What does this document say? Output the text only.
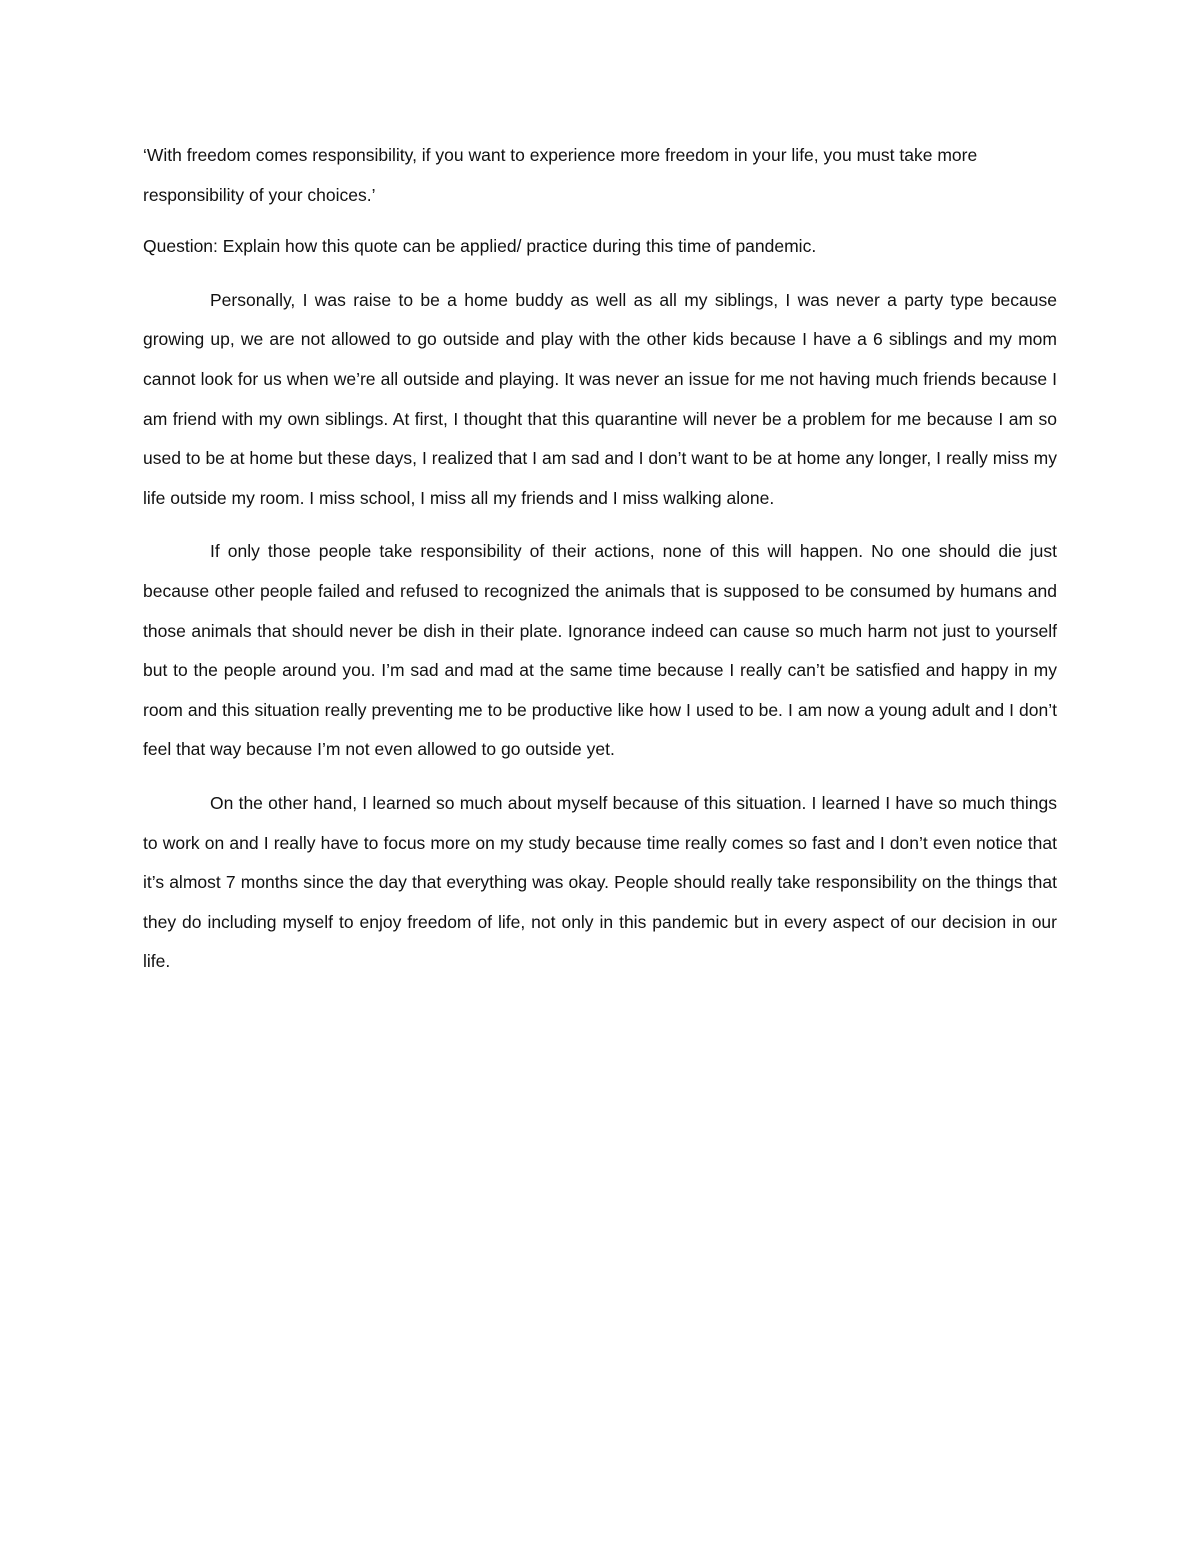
‘With freedom comes responsibility, if you want to experience more freedom in your life, you must take more responsibility of your choices.’

Question: Explain how this quote can be applied/ practice during this time of pandemic.

Personally, I was raise to be a home buddy as well as all my siblings, I was never a party type because growing up, we are not allowed to go outside and play with the other kids because I have a 6 siblings and my mom cannot look for us when we’re all outside and playing. It was never an issue for me not having much friends because I am friend with my own siblings. At first, I thought that this quarantine will never be a problem for me because I am so used to be at home but these days, I realized that I am sad and I don’t want to be at home any longer, I really miss my life outside my room. I miss school, I miss all my friends and I miss walking alone.

If only those people take responsibility of their actions, none of this will happen. No one should die just because other people failed and refused to recognized the animals that is supposed to be consumed by humans and those animals that should never be dish in their plate. Ignorance indeed can cause so much harm not just to yourself but to the people around you. I’m sad and mad at the same time because I really can’t be satisfied and happy in my room and this situation really preventing me to be productive like how I used to be. I am now a young adult and I don’t feel that way because I’m not even allowed to go outside yet.

On the other hand, I learned so much about myself because of this situation. I learned I have so much things to work on and I really have to focus more on my study because time really comes so fast and I don’t even notice that it’s almost 7 months since the day that everything was okay. People should really take responsibility on the things that they do including myself to enjoy freedom of life, not only in this pandemic but in every aspect of our decision in our life.
